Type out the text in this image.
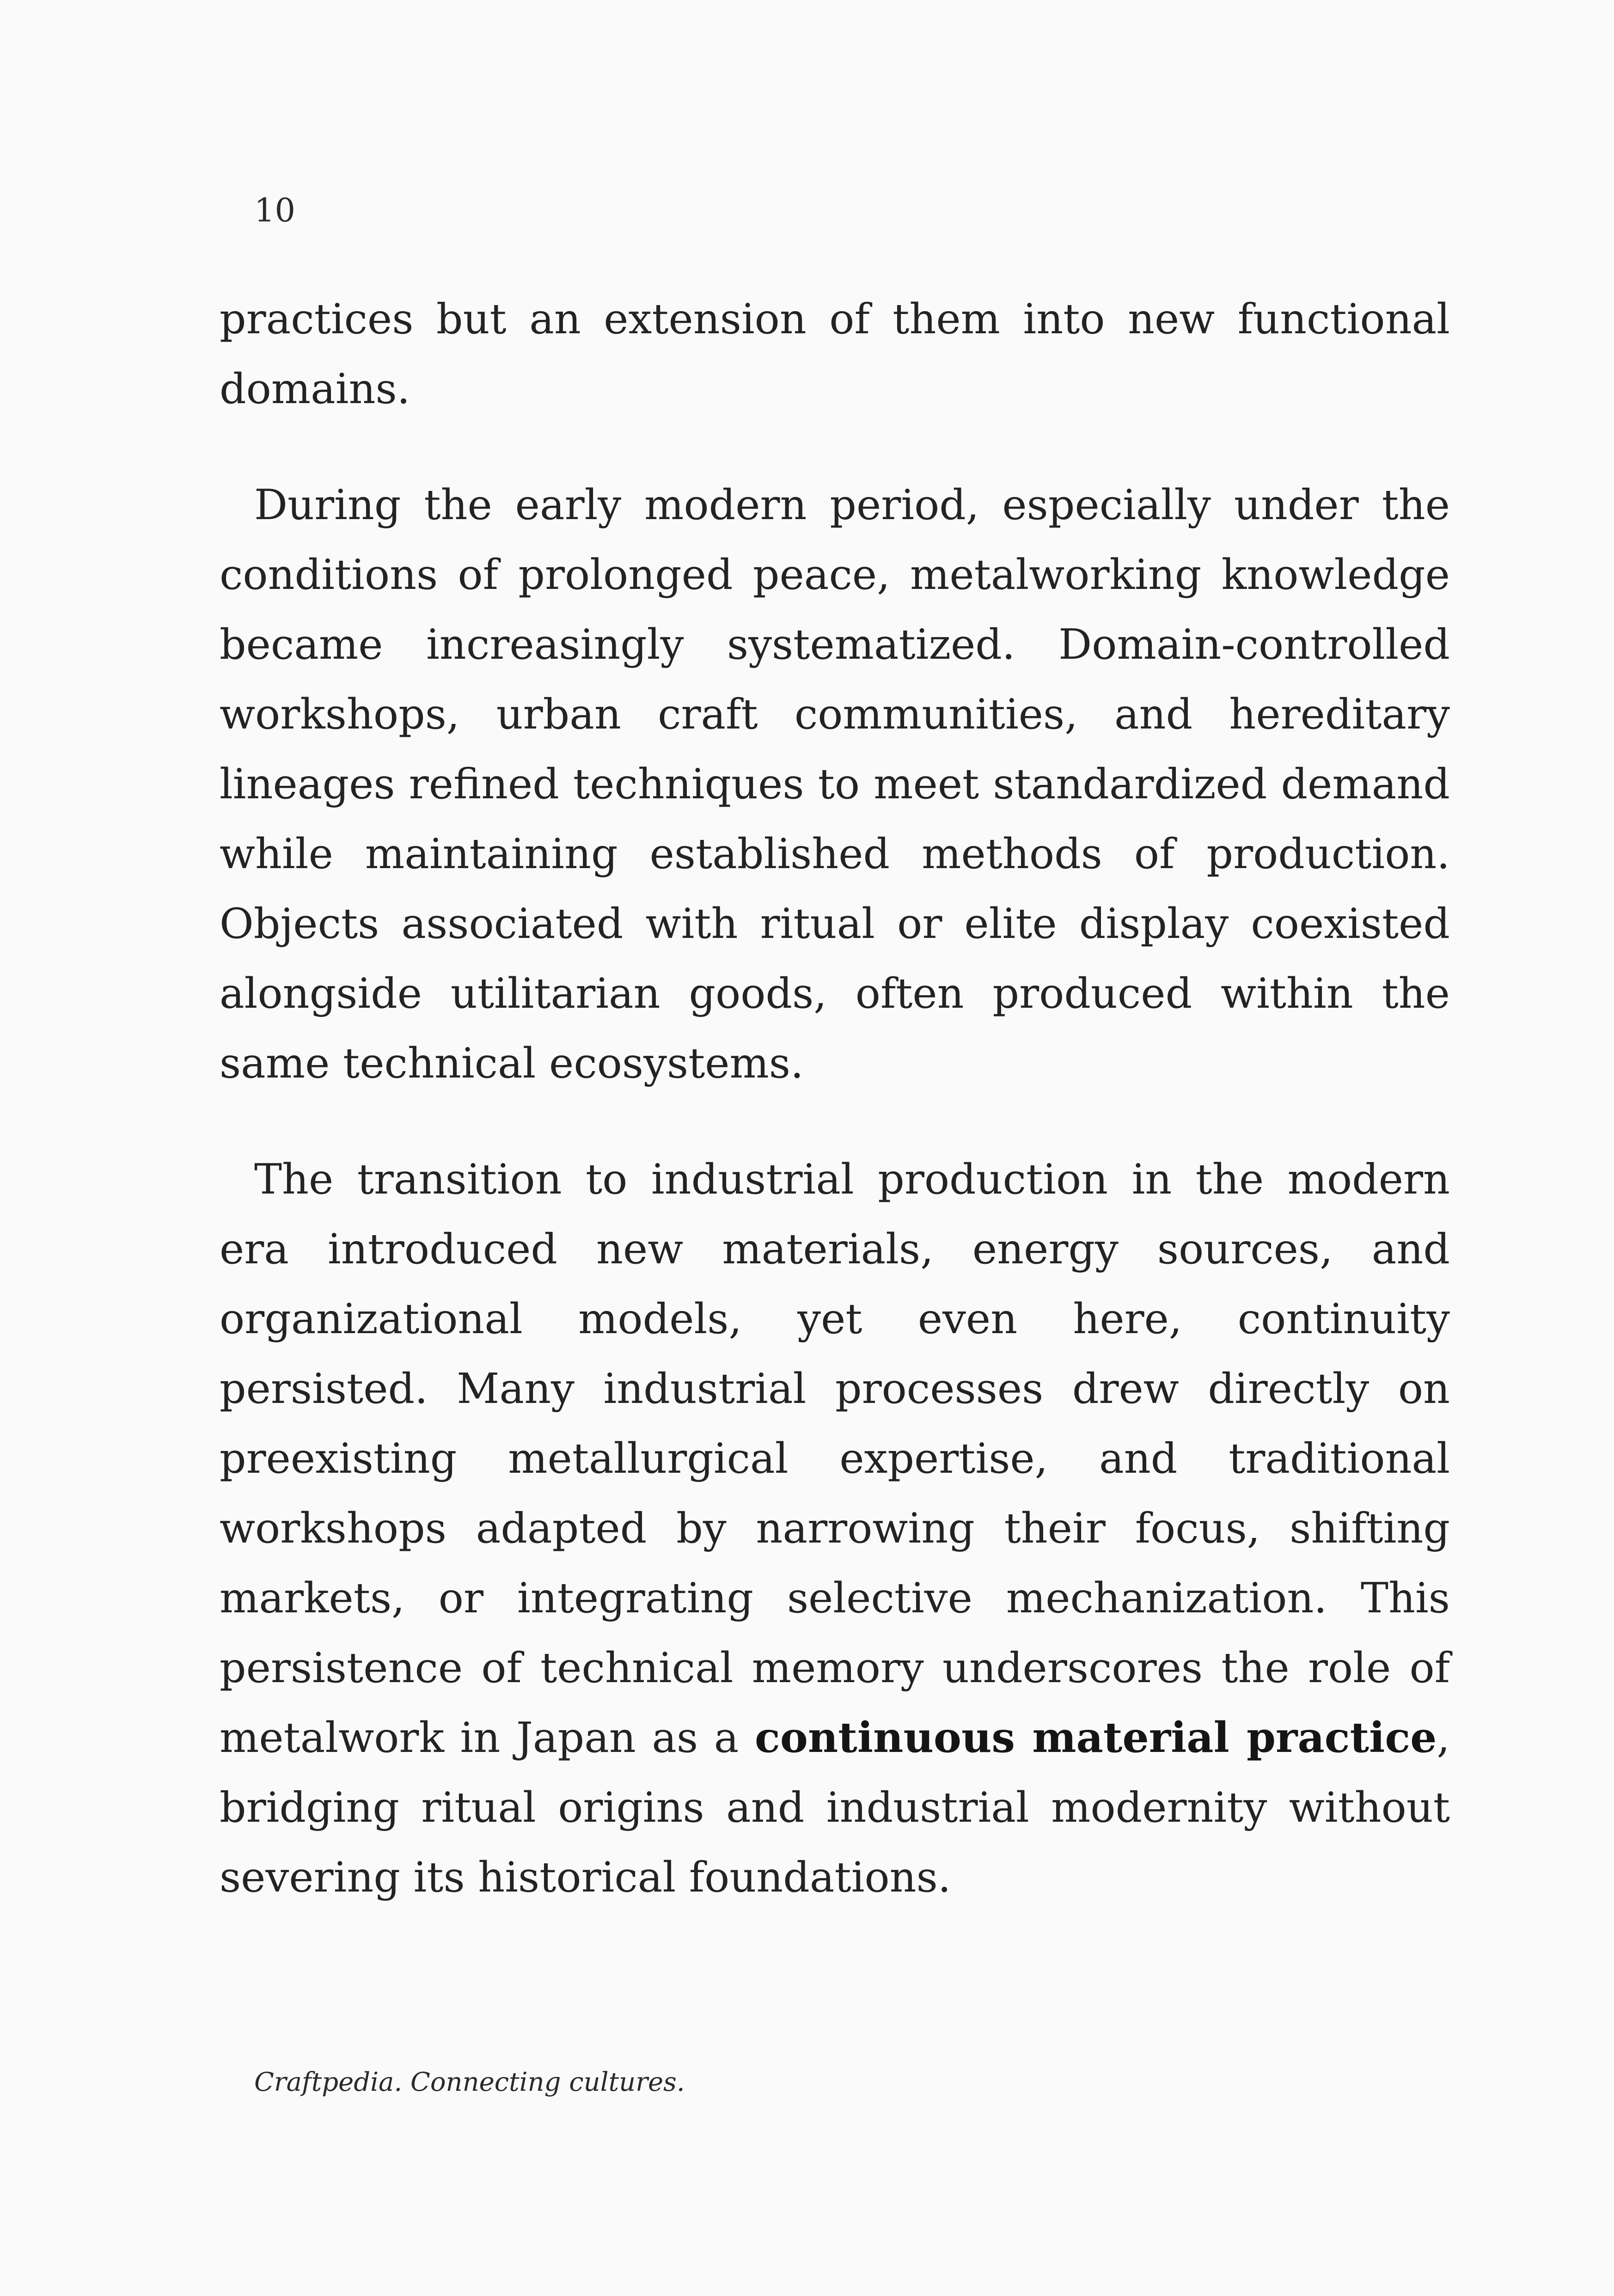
10

practices but an extension of them into new functional domains.

During the early modern period, especially under the conditions of prolonged peace, metalworking knowledge became increasingly systematized. Domain-controlled workshops, urban craft communities, and hereditary lineages refined techniques to meet standardized demand while maintaining established methods of production. Objects associated with ritual or elite display coexisted alongside utilitarian goods, often produced within the same technical ecosystems.

The transition to industrial production in the modern era introduced new materials, energy sources, and organizational models, yet even here, continuity persisted. Many industrial processes drew directly on preexisting metallurgical expertise, and traditional workshops adapted by narrowing their focus, shifting markets, or integrating selective mechanization. This persistence of technical memory underscores the role of metalwork in Japan as a continuous material practice, bridging ritual origins and industrial modernity without severing its historical foundations.

Craftpedia. Connecting cultures.
